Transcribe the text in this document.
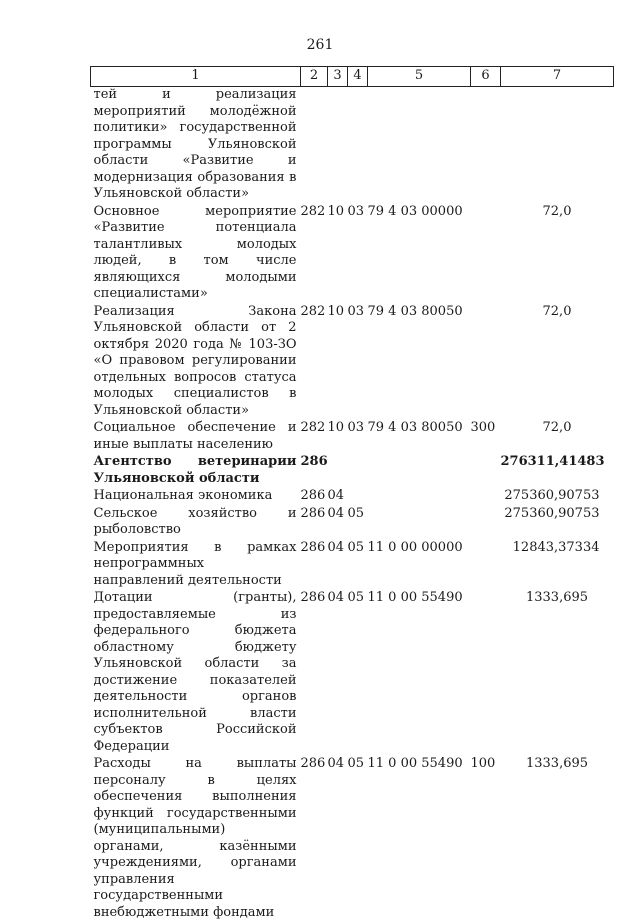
261
1	2	3	4	5	6	7
тей и реализация мероприятий молодёжной политики» государственной программы Ульяновской области «Развитие и модернизация образования в Ульяновской области»						
Основное мероприятие «Развитие потенциала талантливых молодых людей, в том числе являющихся молодыми специалистами»	282	10	03	79 4 03 00000		72,0
Реализация Закона Ульяновской области от 2 октября 2020 года № 103-ЗО «О правовом регулировании отдельных вопросов статуса молодых специалистов в Ульяновской области»	282	10	03	79 4 03 80050		72,0
Социальное обеспечение и иные выплаты населению	282	10	03	79 4 03 80050	300	72,0
Агентство ветеринарии Ульяновской области	286					276311,41483
Национальная экономика	286	04				275360,90753
Сельское хозяйство и рыболовство	286	04	05			275360,90753
Мероприятия в рамках непрограммных направлений деятельности	286	04	05	11 0 00 00000		12843,37334
Дотации (гранты), предоставляемые из федерального бюджета областному бюджету Ульяновской области за достижение показателей деятельности органов исполнительной власти субъектов Российской Федерации	286	04	05	11 0 00 55490		1333,695
Расходы на выплаты персоналу в целях обеспечения выполнения функций государственными (муниципальными) органами, казёнными учреждениями, органами управления государственными внебюджетными фондами	286	04	05	11 0 00 55490	100	1333,695
